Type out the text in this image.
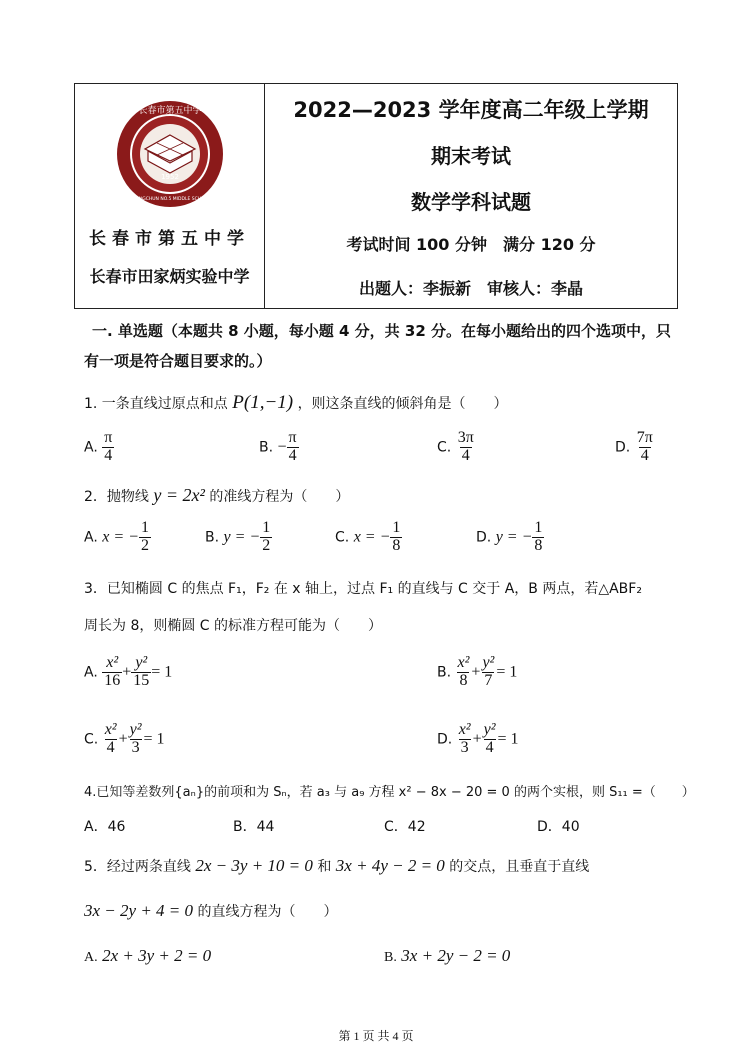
1952
长春市第五中学
CHANGCHUN NO.5 MIDDLE SCHOOL
长春市第五中学
长春市田家炳实验中学
2022—2023 学年度高二年级上学期
期末考试
数学学科试题
考试时间 100 分钟　满分 120 分
出题人：李振新　审核人：李晶
一. 单选题（本题共 8 小题，每小题 4 分，共 32 分。在每小题给出的四个选项中，只
有一项是符合题目要求的。）
1. 一条直线过原点和点 P(1,−1) ，则这条直线的倾斜角是（　　）
A. $\frac{\pi}{4}$	B. − $\frac{\pi}{4}$	C. $\frac{3\pi}{4}$	D. $\frac{7\pi}{4}$
2．抛物线 y = 2x² 的准线方程为（　　）
A. x = − $\frac{1}{2}$	B. y = − $\frac{1}{2}$	C. x = − $\frac{1}{8}$	D. y = − $\frac{1}{8}$
3．已知椭圆 C 的焦点 F₁，F₂ 在 x 轴上，过点 F₁ 的直线与 C 交于 A，B 两点，若△ABF₂
周长为 8，则椭圆 C 的标准方程可能为（　　）
A. $\frac{\text{x²}}{16} + \frac{\text{y²}}{15} = 1$	B. $\frac{\text{x²}}{8} + \frac{\text{y²}}{7} = 1$
C. $\frac{\text{x²}}{4} + \frac{\text{y²}}{3} = 1$	D. $\frac{\text{x²}}{3} + \frac{\text{y²}}{4} = 1$
4.已知等差数列{aₙ}的前项和为 Sₙ，若 a₃ 与 a₉ 方程 x² − 8x − 20 = 0 的两个实根，则 S₁₁ =（　　）
A．46	B．44	C．42	D．40
5．经过两条直线 2x − 3y + 10 = 0 和 3x + 4y − 2 = 0 的交点，且垂直于直线
3x − 2y + 4 = 0 的直线方程为（　　）
A. 2x + 3y + 2 = 0	B. 3x + 2y − 2 = 0
第 1 页 共 4 页
